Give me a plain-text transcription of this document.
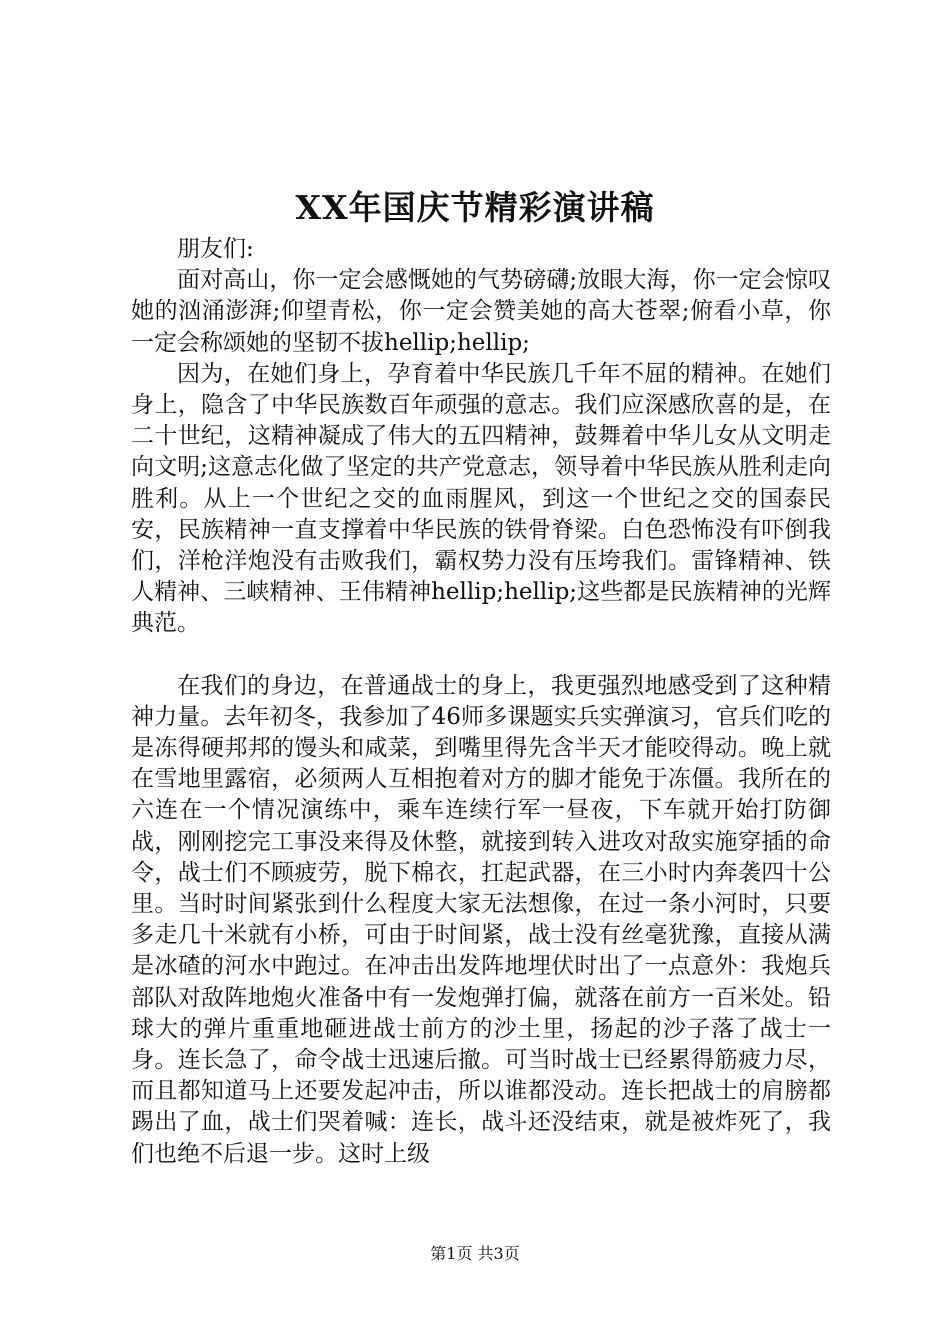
XX年国庆节精彩演讲稿

朋友们:

面对高山，你一定会感慨她的气势磅礴;放眼大海，你一定会惊叹她的汹涌澎湃;仰望青松，你一定会赞美她的高大苍翠;俯看小草，你一定会称颂她的坚韧不拔hellip;hellip;

因为，在她们身上，孕育着中华民族几千年不屈的精神。在她们身上，隐含了中华民族数百年顽强的意志。我们应深感欣喜的是，在二十世纪，这精神凝成了伟大的五四精神，鼓舞着中华儿女从文明走向文明;这意志化做了坚定的共产党意志，领导着中华民族从胜利走向胜利。从上一个世纪之交的血雨腥风，到这一个世纪之交的国泰民安，民族精神一直支撑着中华民族的铁骨脊梁。白色恐怖没有吓倒我们，洋枪洋炮没有击败我们，霸权势力没有压垮我们。雷锋精神、铁人精神、三峡精神、王伟精神hellip;hellip;这些都是民族精神的光辉典范。

在我们的身边，在普通战士的身上，我更强烈地感受到了这种精神力量。去年初冬，我参加了46师多课题实兵实弹演习，官兵们吃的是冻得硬邦邦的馒头和咸菜，到嘴里得先含半天才能咬得动。晚上就在雪地里露宿，必须两人互相抱着对方的脚才能免于冻僵。我所在的六连在一个情况演练中，乘车连续行军一昼夜，下车就开始打防御战，刚刚挖完工事没来得及休整，就接到转入进攻对敌实施穿插的命令，战士们不顾疲劳，脱下棉衣，扛起武器，在三小时内奔袭四十公里。当时时间紧张到什么程度大家无法想像，在过一条小河时，只要多走几十米就有小桥，可由于时间紧，战士没有丝毫犹豫，直接从满是冰碴的河水中跑过。在冲击出发阵地埋伏时出了一点意外：我炮兵部队对敌阵地炮火准备中有一发炮弹打偏，就落在前方一百米处。铅球大的弹片重重地砸进战士前方的沙土里，扬起的沙子落了战士一身。连长急了，命令战士迅速后撤。可当时战士已经累得筋疲力尽，而且都知道马上还要发起冲击，所以谁都没动。连长把战士的肩膀都踢出了血，战士们哭着喊：连长，战斗还没结束，就是被炸死了，我们也绝不后退一步。这时上级

第1页 共3页
